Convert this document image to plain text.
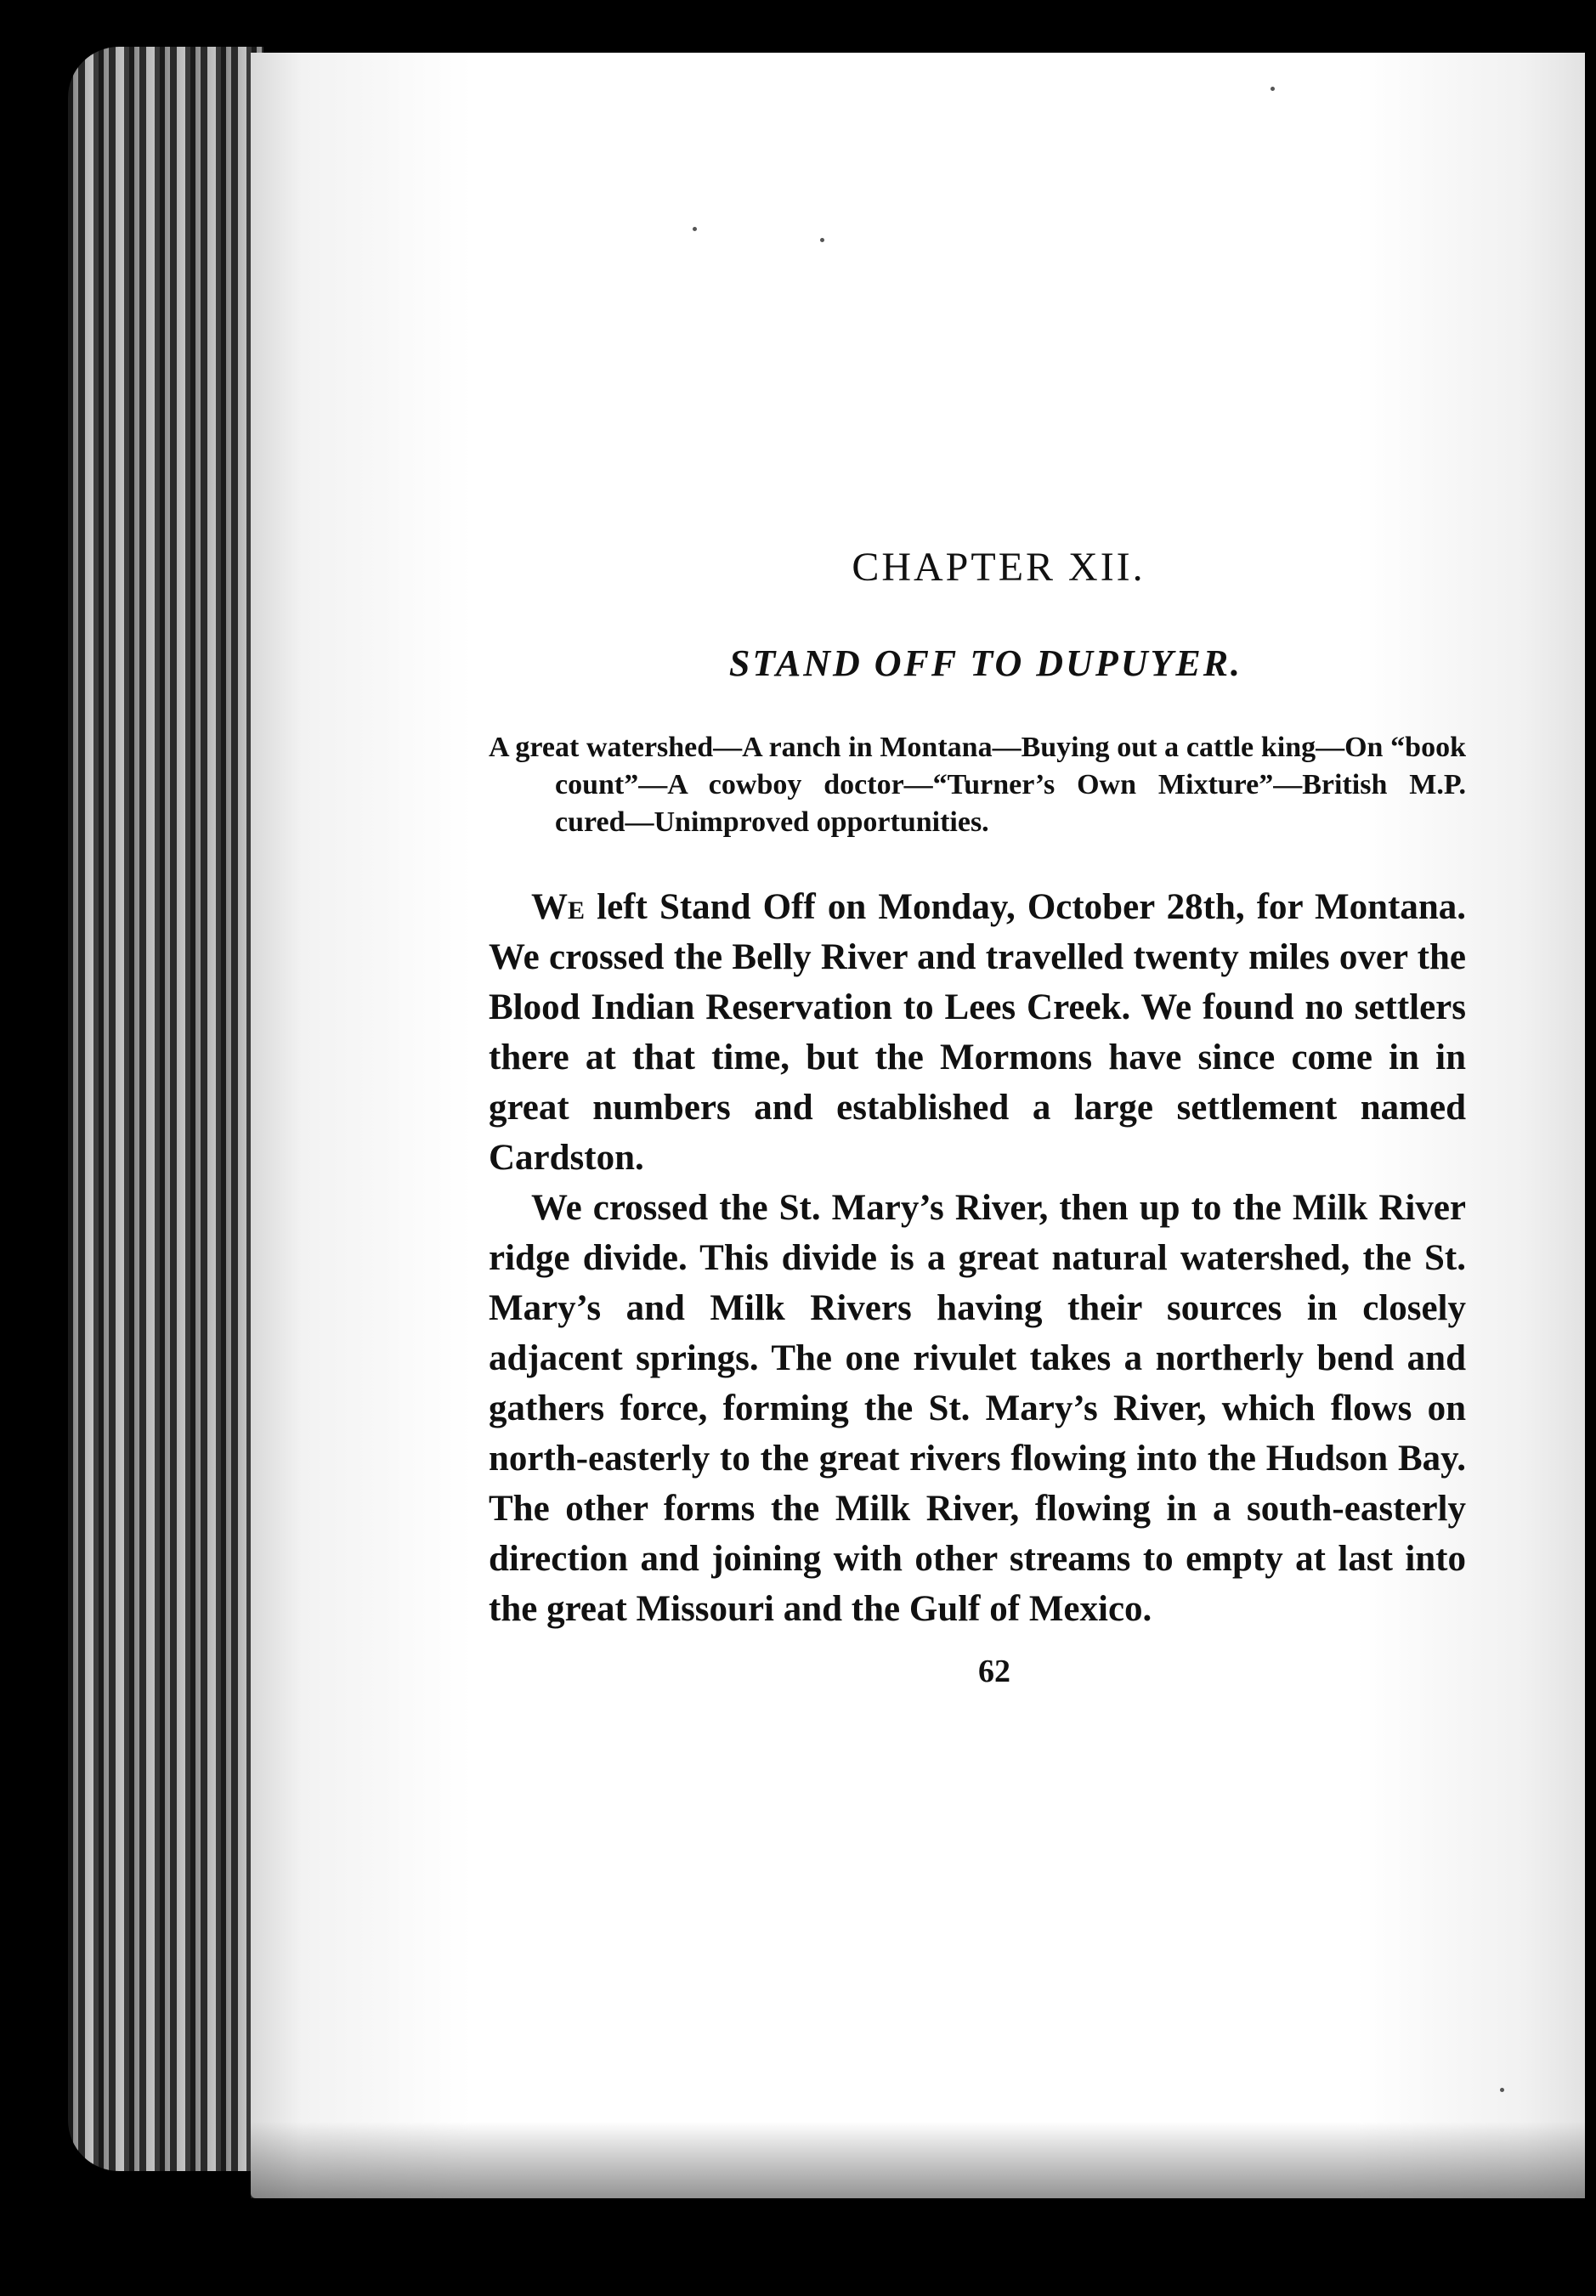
CHAPTER XII.
STAND OFF TO DUPUYER.

A great watershed—A ranch in Montana—Buying out a cattle king—On “book count”—A cowboy doctor—“Turner’s Own Mixture”—British M.P. cured—Unimproved opportunities.

We left Stand Off on Monday, October 28th, for Montana. We crossed the Belly River and travelled twenty miles over the Blood Indian Reservation to Lees Creek. We found no settlers there at that time, but the Mormons have since come in in great numbers and established a large settlement named Cardston.

We crossed the St. Mary’s River, then up to the Milk River ridge divide. This divide is a great natural watershed, the St. Mary’s and Milk Rivers having their sources in closely adjacent springs. The one rivulet takes a northerly bend and gathers force, forming the St. Mary’s River, which flows on north-easterly to the great rivers flowing into the Hudson Bay. The other forms the Milk River, flowing in a south-easterly direction and joining with other streams to empty at last into the great Missouri and the Gulf of Mexico.

62
